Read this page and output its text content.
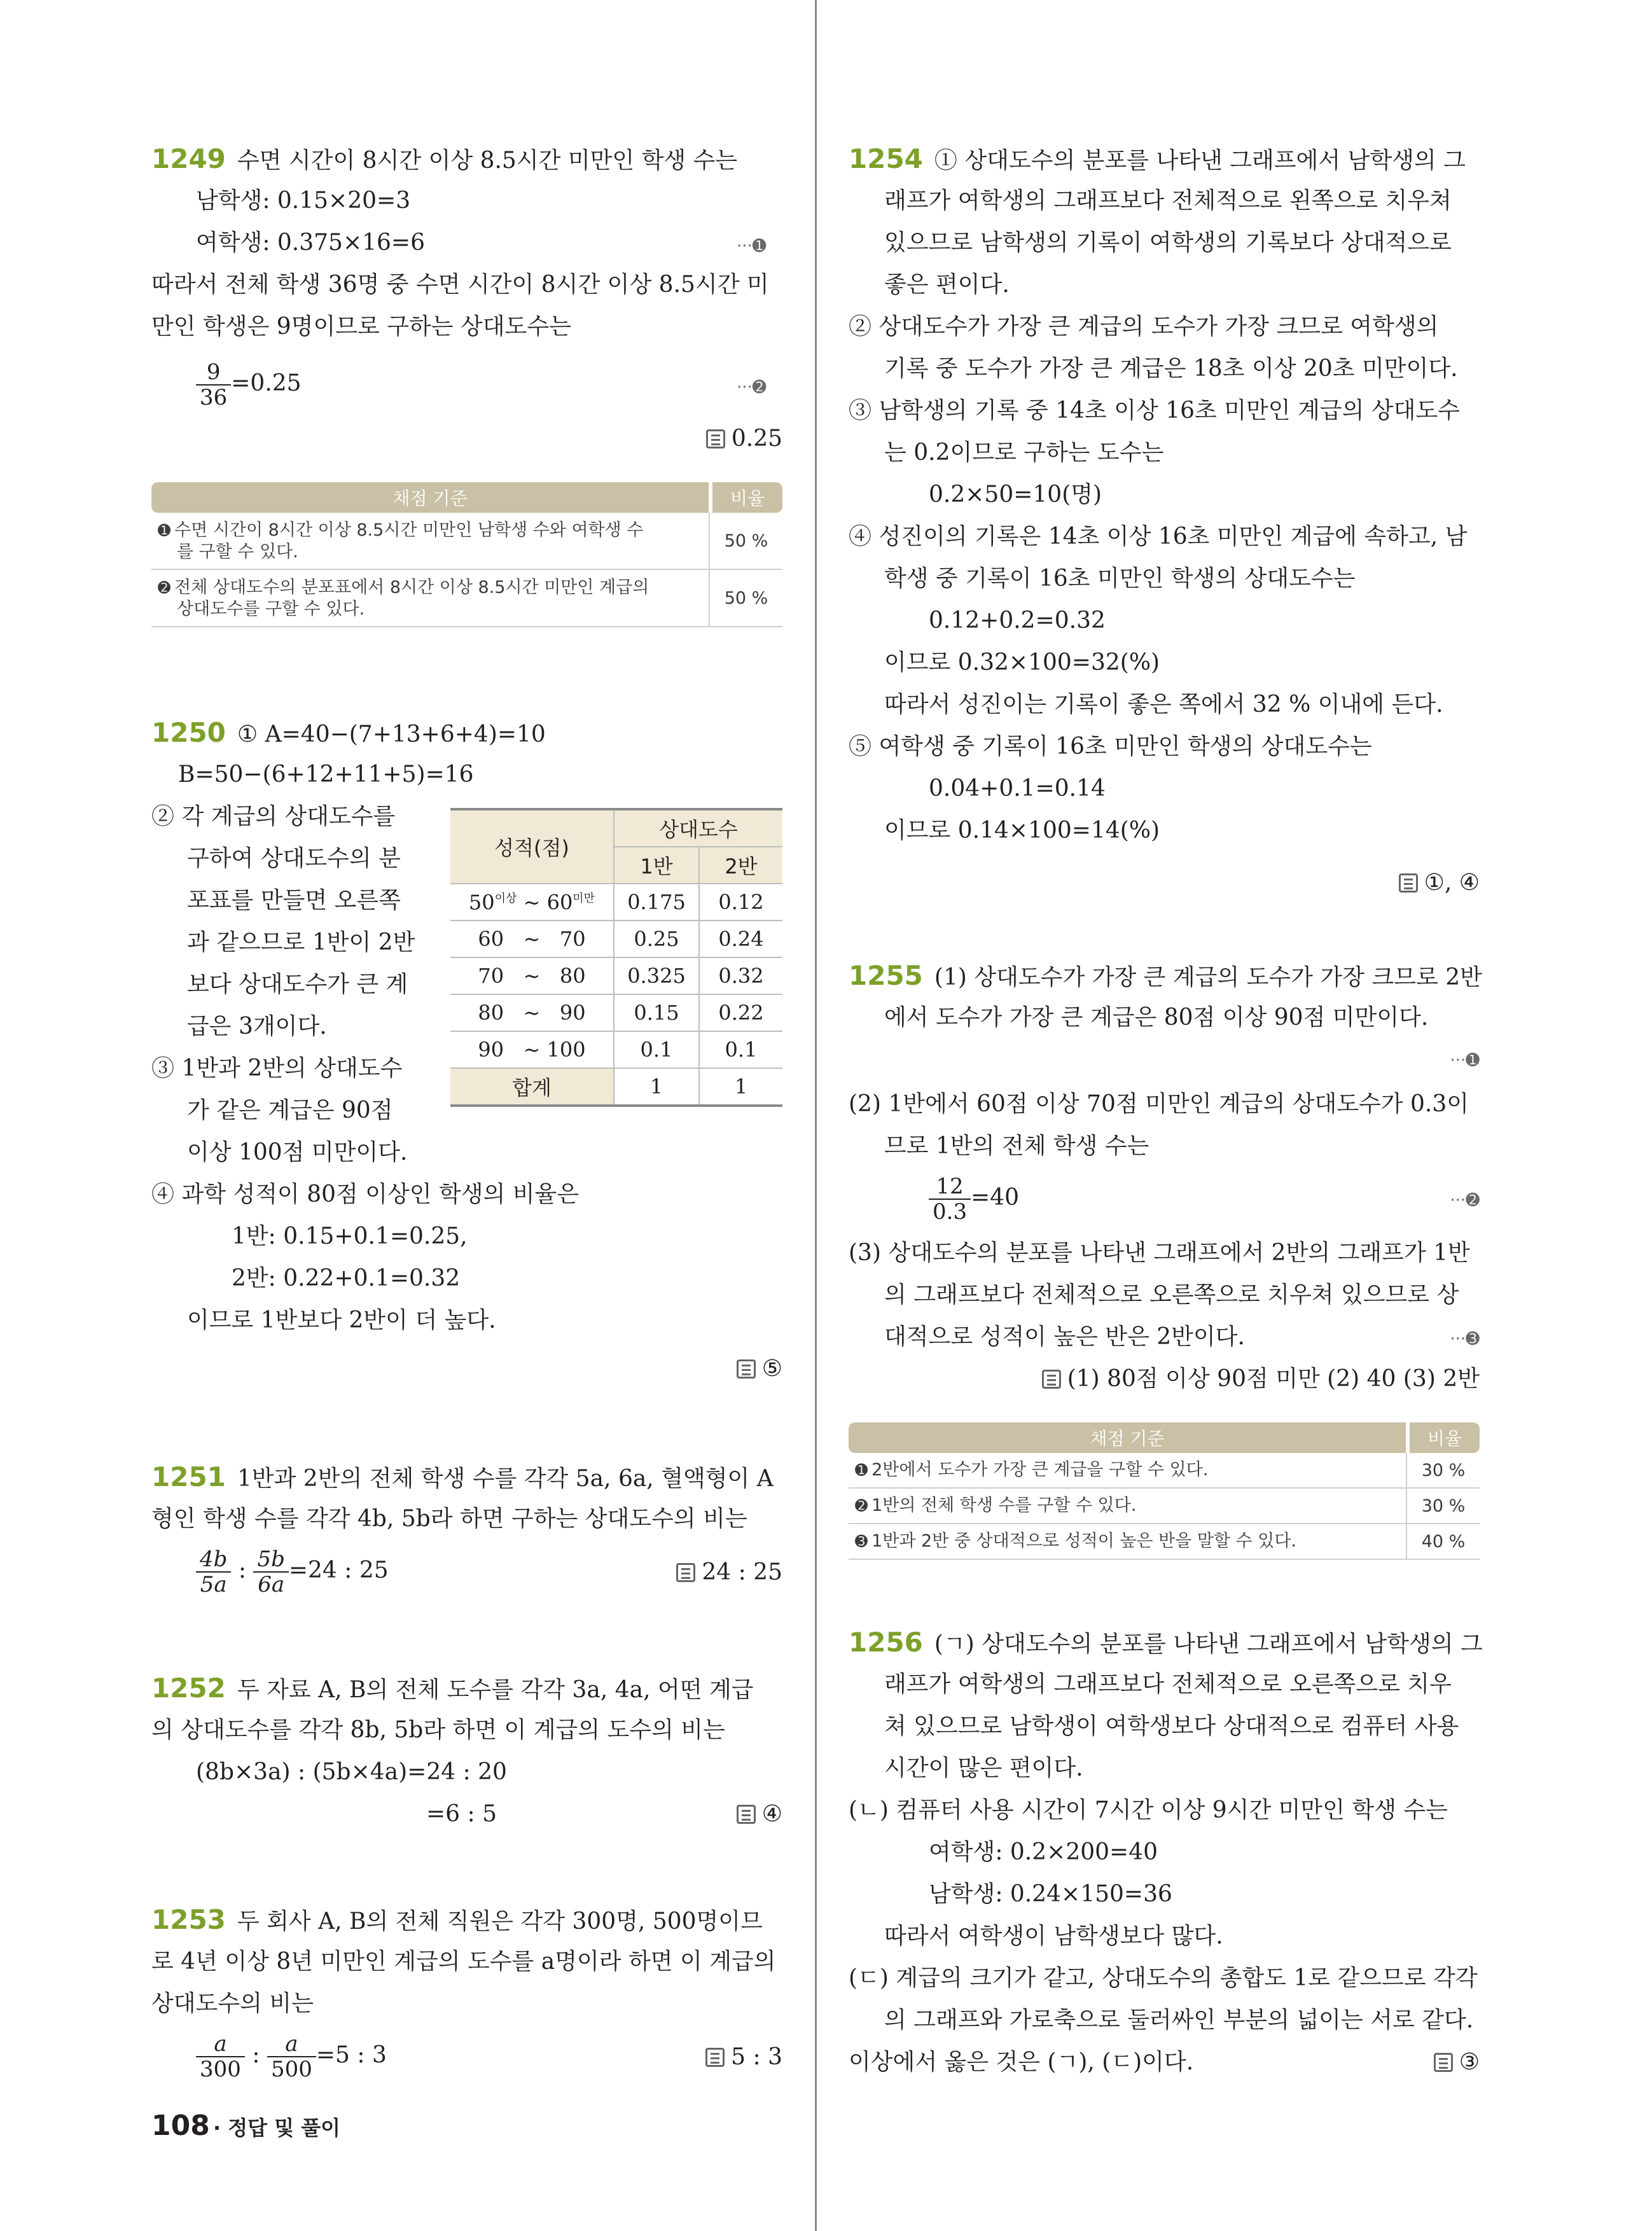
1249 수면 시간이 8시간 이상 8.5시간 미만인 학생 수는
남학생: 0.15×20=3
여학생: 0.375×16=6	···➊
따라서 전체 학생 36명 중 수면 시간이 8시간 이상 8.5시간 미
만인 학생은 9명이므로 구하는 상대도수는
$\frac{9}{36} =0.25$	···➋
0.25
채점 기준	비율
➊ 수면 시간이 8시간 이상 8.5시간 미만인 남학생 수와 여학생 수
를 구할 수 있다.	50 %
➋ 전체 상대도수의 분포표에서 8시간 이상 8.5시간 미만인 계급의
상대도수를 구할 수 있다.	50 %
1250 ① A=40−(7+13+6+4)=10
B=50−(6+12+11+5)=16
② 각 계급의 상대도수를
구하여 상대도수의 분
포표를 만들면 오른쪽
과 같으므로 1반이 2반
보다 상대도수가 큰 계
급은 3개이다.
③ 1반과 2반의 상대도수
가 같은 계급은 90점
이상 100점 미만이다.
④ 과학 성적이 80점 이상인 학생의 비율은
1반: 0.15+0.1=0.25,
2반: 0.22+0.1=0.32
이므로 1반보다 2반이 더 높다.
⑤
성적(점)	상대도수	
	1반	2반
$50^{이상}$ ~ $60^{미만}$	0.175	0.12
60 ~ 70	0.25	0.24
70 ~ 80	0.325	0.32
80 ~ 90	0.15	0.22
90 ~ 100	0.1	0.1
합계	1	1
1251 1반과 2반의 전체 학생 수를 각각 5a, 6a, 혈액형이 A
형인 학생 수를 각각 4b, 5b라 하면 구하는 상대도수의 비는
$\frac{4b}{5a}$ : $\frac{5b}{6a} =24$ : 25	24 : 25
1252 두 자료 A, B의 전체 도수를 각각 3a, 4a, 어떤 계급
의 상대도수를 각각 8b, 5b라 하면 이 계급의 도수의 비는
(8b×3a) : (5b×4a)=24 : 20
=6 : 5	④
1253 두 회사 A, B의 전체 직원은 각각 300명, 500명이므
로 4년 이상 8년 미만인 계급의 도수를 a명이라 하면 이 계급의
상대도수의 비는
$\frac{a}{300}$ : $\frac{a}{500} =5$ : 3	5 : 3
1254 ① 상대도수의 분포를 나타낸 그래프에서 남학생의 그
래프가 여학생의 그래프보다 전체적으로 왼쪽으로 치우쳐
있으므로 남학생의 기록이 여학생의 기록보다 상대적으로
좋은 편이다.
② 상대도수가 가장 큰 계급의 도수가 가장 크므로 여학생의
기록 중 도수가 가장 큰 계급은 18초 이상 20초 미만이다.
③ 남학생의 기록 중 14초 이상 16초 미만인 계급의 상대도수
는 0.2이므로 구하는 도수는
0.2×50=10(명)
④ 성진이의 기록은 14초 이상 16초 미만인 계급에 속하고, 남
학생 중 기록이 16초 미만인 학생의 상대도수는
0.12+0.2=0.32
이므로 0.32×100=32(%)
따라서 성진이는 기록이 좋은 쪽에서 32 % 이내에 든다.
⑤ 여학생 중 기록이 16초 미만인 학생의 상대도수는
0.04+0.1=0.14
이므로 0.14×100=14(%)
①, ④
1255 (1) 상대도수가 가장 큰 계급의 도수가 가장 크므로 2반
에서 도수가 가장 큰 계급은 80점 이상 90점 미만이다.
···➊
(2) 1반에서 60점 이상 70점 미만인 계급의 상대도수가 0.3이
므로 1반의 전체 학생 수는
$\frac{12}{0.3} =40$	···➋
(3) 상대도수의 분포를 나타낸 그래프에서 2반의 그래프가 1반
의 그래프보다 전체적으로 오른쪽으로 치우쳐 있으므로 상
대적으로 성적이 높은 반은 2반이다.	···➌
(1) 80점 이상 90점 미만 (2) 40 (3) 2반
채점 기준	비율
➊ 2반에서 도수가 가장 큰 계급을 구할 수 있다.	30 %
➋ 1반의 전체 학생 수를 구할 수 있다.	30 %
➌ 1반과 2반 중 상대적으로 성적이 높은 반을 말할 수 있다.	40 %
1256 (ㄱ) 상대도수의 분포를 나타낸 그래프에서 남학생의 그
래프가 여학생의 그래프보다 전체적으로 오른쪽으로 치우
쳐 있으므로 남학생이 여학생보다 상대적으로 컴퓨터 사용
시간이 많은 편이다.
(ㄴ) 컴퓨터 사용 시간이 7시간 이상 9시간 미만인 학생 수는
여학생: 0.2×200=40
남학생: 0.24×150=36
따라서 여학생이 남학생보다 많다.
(ㄷ) 계급의 크기가 같고, 상대도수의 총합도 1로 같으므로 각각
의 그래프와 가로축으로 둘러싸인 부분의 넓이는 서로 같다.
이상에서 옳은 것은 (ㄱ), (ㄷ)이다.	③
108 · 정답 및 풀이
